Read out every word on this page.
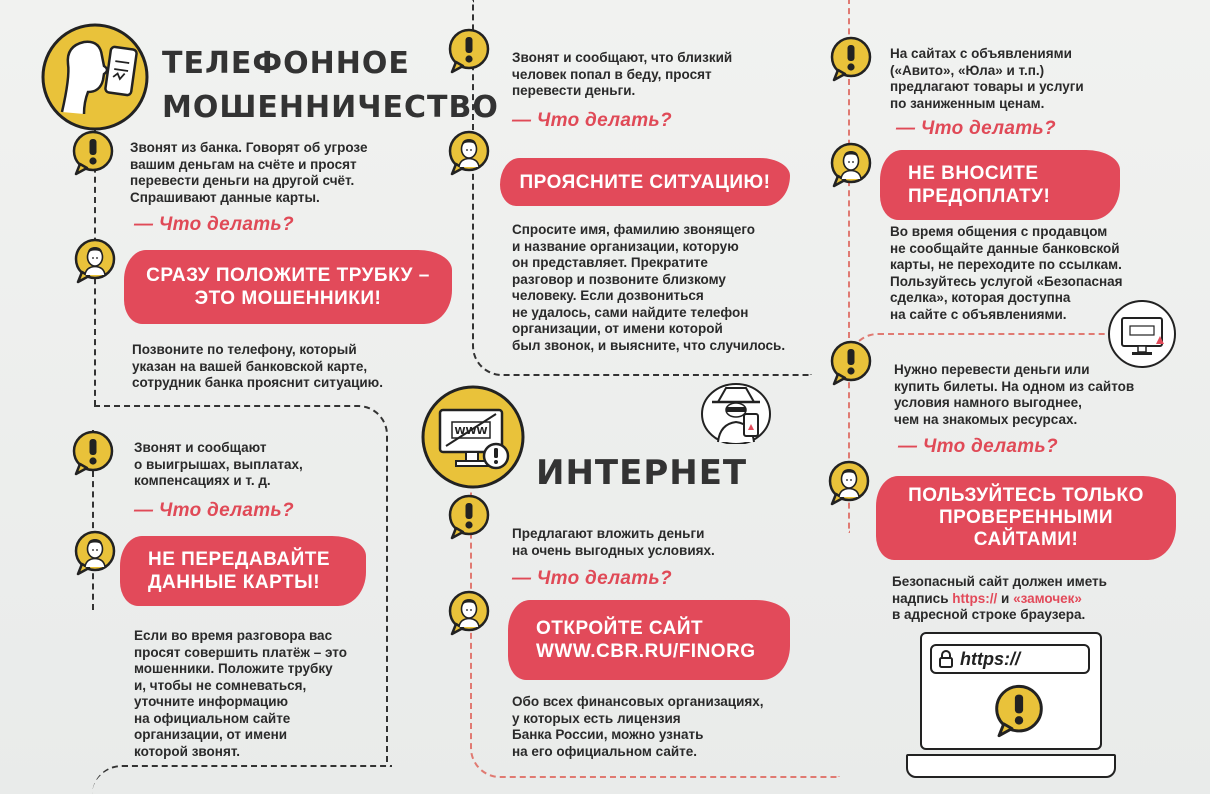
ТЕЛЕФОННОЕ
МОШЕННИЧЕСТВО
Звонят из банка. Говорят об угрозе
вашим деньгам на счёте и просят
перевести деньги на другой счёт.
Спрашивают данные карты.
— Что делать?
СРАЗУ ПОЛОЖИТЕ ТРУБКУ –
ЭТО МОШЕННИКИ!
Позвоните по телефону, который
указан на вашей банковской карте,
сотрудник банка прояснит ситуацию.
Звонят и сообщают
о выигрышах, выплатах,
компенсациях и т. д.
— Что делать?
НЕ ПЕРЕДАВАЙТЕ
ДАННЫЕ КАРТЫ!
Если во время разговора вас
просят совершить платёж – это
мошенники. Положите трубку
и, чтобы не сомневаться,
уточните информацию
на официальном сайте
организации, от имени
которой звонят.
Звонят и сообщают, что близкий
человек попал в беду, просят
перевести деньги.
— Что делать?
ПРОЯСНИТЕ СИТУАЦИЮ!
Спросите имя, фамилию звонящего
и название организации, которую
он представляет. Прекратите
разговор и позвоните близкому
человеку. Если дозвониться
не удалось, сами найдите телефон
организации, от имени которой
был звонок, и выясните, что случилось.
WWW
ИНТЕРНЕТ
Предлагают вложить деньги
на очень выгодных условиях.
— Что делать?
ОТКРОЙТЕ САЙТ
WWW.CBR.RU/FINORG
Обо всех финансовых организациях,
у которых есть лицензия
Банка России, можно узнать
на его официальном сайте.
На сайтах с объявлениями
(«Авито», «Юла» и т.п.)
предлагают товары и услуги
по заниженным ценам.
— Что делать?
НЕ ВНОСИТЕ
ПРЕДОПЛАТУ!
Во время общения с продавцом
не сообщайте данные банковской
карты, не переходите по ссылкам.
Пользуйтесь услугой «Безопасная
сделка», которая доступна
на сайте с объявлениями.
Нужно перевести деньги или
купить билеты. На одном из сайтов
условия намного выгоднее,
чем на знакомых ресурсах.
— Что делать?
ПОЛЬЗУЙТЕСЬ ТОЛЬКО
ПРОВЕРЕННЫМИ
САЙТАМИ!
Безопасный сайт должен иметь
надпись https:// и «замочек»
в адресной строке браузера.
https://
